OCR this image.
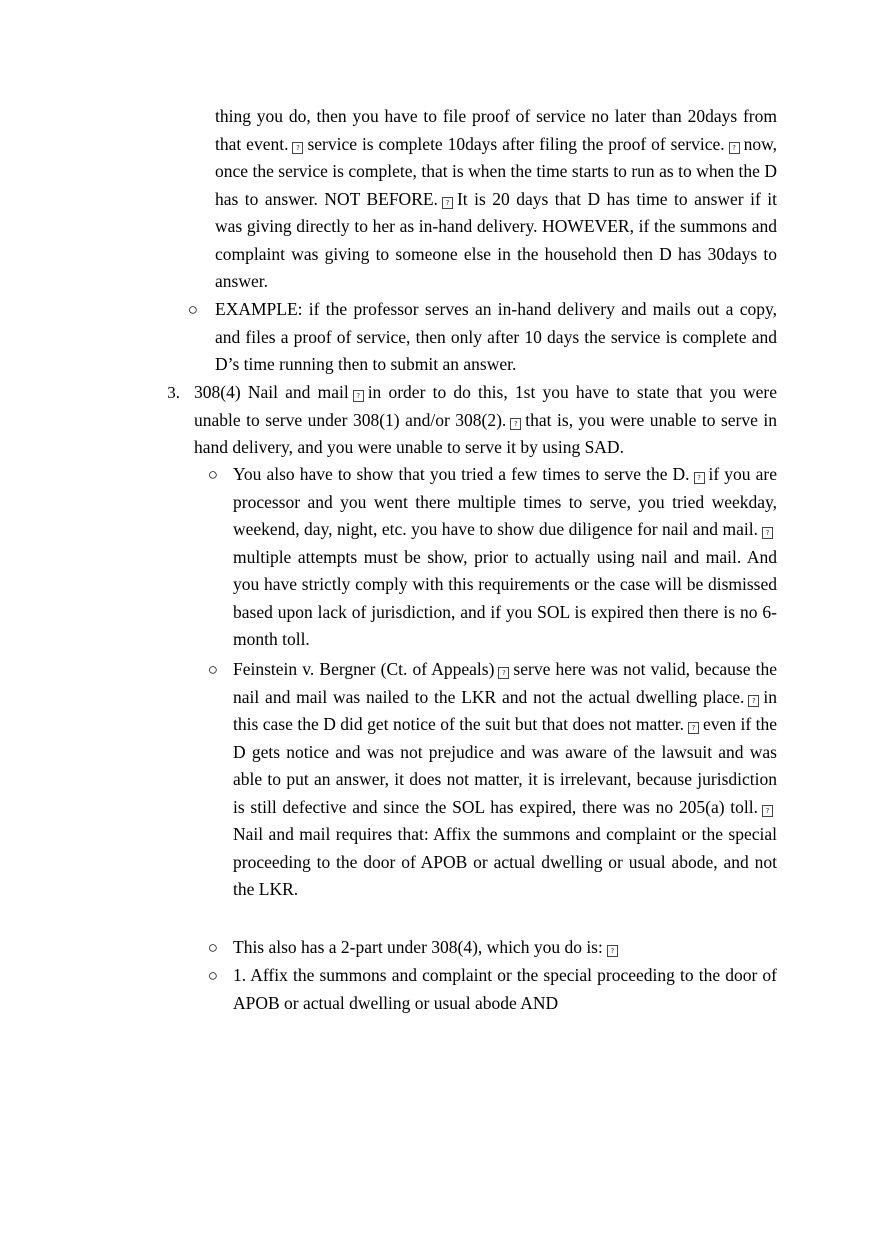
thing you do, then you have to file proof of service no later than 20days from that event. ? service is complete 10days after filing the proof of service. ? now, once the service is complete, that is when the time starts to run as to when the D has to answer. NOT BEFORE. ? It is 20 days that D has time to answer if it was giving directly to her as in-hand delivery. HOWEVER, if the summons and complaint was giving to someone else in the household then D has 30days to answer.

○ EXAMPLE: if the professor serves an in-hand delivery and mails out a copy, and files a proof of service, then only after 10 days the service is complete and D’s time running then to submit an answer.

3. 308(4) Nail and mail ? in order to do this, 1st you have to state that you were unable to serve under 308(1) and/or 308(2). ? that is, you were unable to serve in hand delivery, and you were unable to serve it by using SAD.

○ You also have to show that you tried a few times to serve the D. ? if you are processor and you went there multiple times to serve, you tried weekday, weekend, day, night, etc. you have to show due diligence for nail and mail. ?multiple attempts must be show, prior to actually using nail and mail. And you have strictly comply with this requirements or the case will be dismissed based upon lack of jurisdiction, and if you SOL is expired then there is no 6-month toll.

○ Feinstein v. Bergner (Ct. of Appeals) ? serve here was not valid, because the nail and mail was nailed to the LKR and not the actual dwelling place. ? in this case the D did get notice of the suit but that does not matter. ? even if the D gets notice and was not prejudice and was aware of the lawsuit and was able to put an answer, it does not matter, it is irrelevant, because jurisdiction is still defective and since the SOL has expired, there was no 205(a) toll. ?Nail and mail requires that: Affix the summons and complaint or the special proceeding to the door of APOB or actual dwelling or usual abode, and not the LKR.

○ This also has a 2-part under 308(4), which you do is: ?

○ 1. Affix the summons and complaint or the special proceeding to the door of APOB or actual dwelling or usual abode AND
